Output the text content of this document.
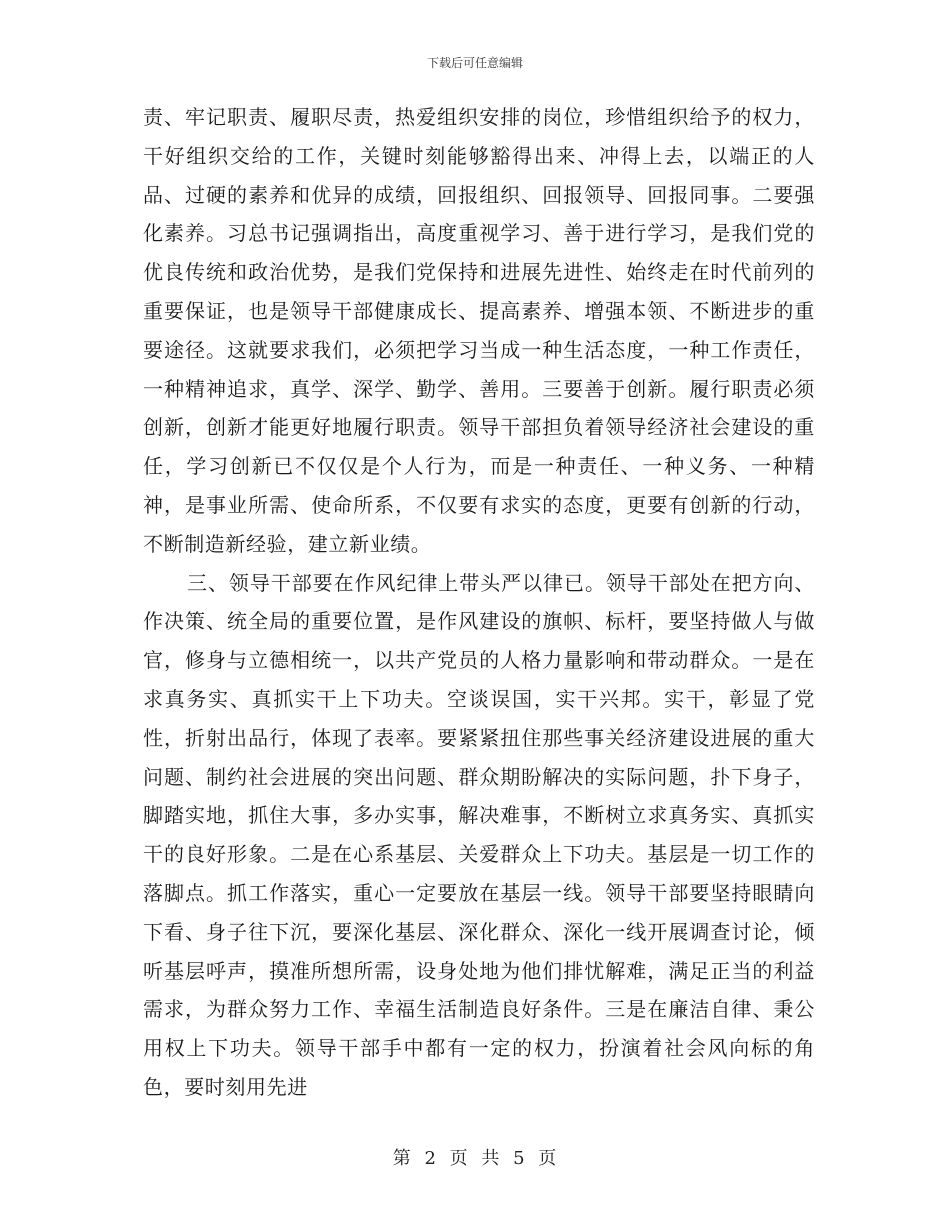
下载后可任意编辑

责、牢记职责、履职尽责，热爱组织安排的岗位，珍惜组织给予的权力，干好组织交给的工作，关键时刻能够豁得出来、冲得上去，以端正的人品、过硬的素养和优异的成绩，回报组织、回报领导、回报同事。二要强化素养。习总书记强调指出，高度重视学习、善于进行学习，是我们党的优良传统和政治优势，是我们党保持和进展先进性、始终走在时代前列的重要保证，也是领导干部健康成长、提高素养、增强本领、不断进步的重要途径。这就要求我们，必须把学习当成一种生活态度，一种工作责任，一种精神追求，真学、深学、勤学、善用。三要善于创新。履行职责必须创新，创新才能更好地履行职责。领导干部担负着领导经济社会建设的重任，学习创新已不仅仅是个人行为，而是一种责任、一种义务、一种精神，是事业所需、使命所系，不仅要有求实的态度，更要有创新的行动，不断制造新经验，建立新业绩。

三、领导干部要在作风纪律上带头严以律已。领导干部处在把方向、作决策、统全局的重要位置，是作风建设的旗帜、标杆，要坚持做人与做官，修身与立德相统一，以共产党员的人格力量影响和带动群众。一是在求真务实、真抓实干上下功夫。空谈误国，实干兴邦。实干，彰显了党性，折射出品行，体现了表率。要紧紧扭住那些事关经济建设进展的重大问题、制约社会进展的突出问题、群众期盼解决的实际问题，扑下身子，脚踏实地，抓住大事，多办实事，解决难事，不断树立求真务实、真抓实干的良好形象。二是在心系基层、关爱群众上下功夫。基层是一切工作的落脚点。抓工作落实，重心一定要放在基层一线。领导干部要坚持眼睛向下看、身子往下沉，要深化基层、深化群众、深化一线开展调查讨论，倾听基层呼声，摸准所想所需，设身处地为他们排忧解难，满足正当的利益需求，为群众努力工作、幸福生活制造良好条件。三是在廉洁自律、秉公用权上下功夫。领导干部手中都有一定的权力，扮演着社会风向标的角色，要时刻用先进

第 2 页 共 5 页
